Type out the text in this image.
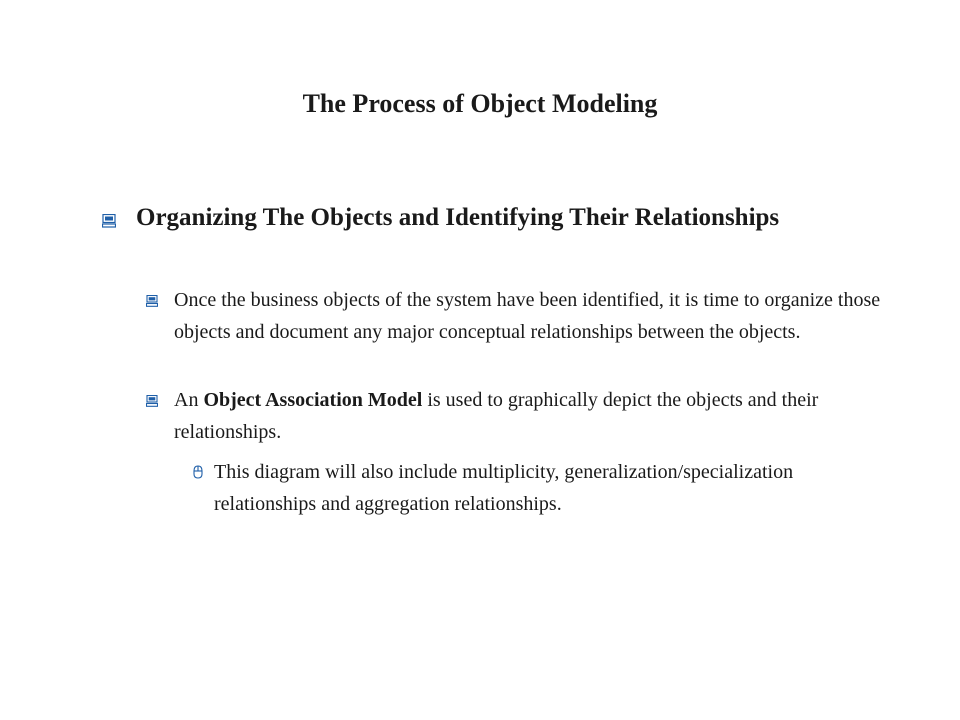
The Process of Object Modeling
Organizing The Objects and Identifying Their Relationships
Once the business objects of the system have been identified, it is time to organize those objects and document any major conceptual relationships between the objects.
An Object Association Model is used to graphically depict the objects and their relationships.
This diagram will also include multiplicity, generalization/specialization relationships and aggregation relationships.
